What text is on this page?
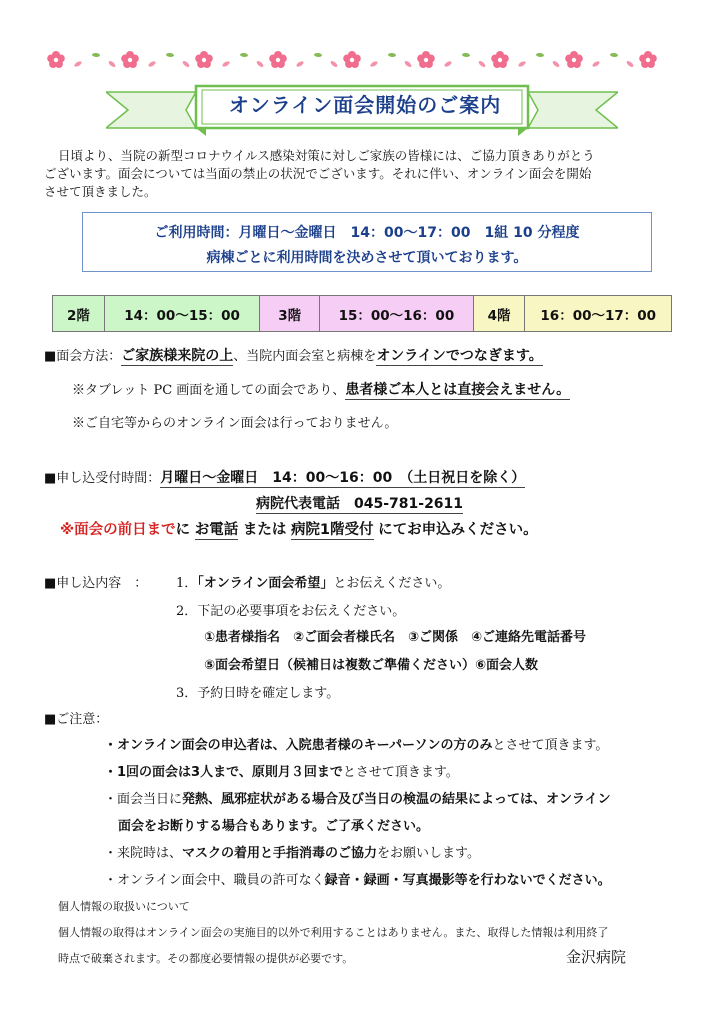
オンライン面会開始のご案内
日頃より、当院の新型コロナウイルス感染対策に対しご家族の皆様には、ご協力頂きありがとう
ございます。面会については当面の禁止の状況でございます。それに伴い、オンライン面会を開始
させて頂きました。
ご利用時間：月曜日～金曜日　14：00～17：00　1組 10 分程度
病棟ごとに利用時間を決めさせて頂いております。
2階	14：00～15：00	3階	15：00～16：00	4階	16：00～17：00
■面会方法：ご家族様来院の上、当院内面会室と病棟をオンラインでつなぎます。
※タブレット PC 画面を通しての面会であり、患者様ご本人とは直接会えません。
※ご自宅等からのオンライン面会は行っておりません。
■申し込受付時間：月曜日～金曜日　14：00～16：00　（土日祝日を除く）
病院代表電話　045-781-2611
※面会の前日までに お電話 または 病院1階受付 にてお申込みください。
■申し込内容　： 1．「オンライン面会希望」とお伝えください。
2．下記の必要事項をお伝えください。
①患者様指名　②ご面会者様氏名　③ご関係　④ご連絡先電話番号
⑤面会希望日（候補日は複数ご準備ください）⑥面会人数
3．予約日時を確定します。
■ご注意：
・オンライン面会の申込者は、入院患者様のキーパーソンの方のみとさせて頂きます。
・1回の面会は3人まで、原則月３回までとさせて頂きます。
・面会当日に発熱、風邪症状がある場合及び当日の検温の結果によっては、オンライン
面会をお断りする場合もあります。ご了承ください。
・来院時は、マスクの着用と手指消毒のご協力をお願いします。
・オンライン面会中、職員の許可なく録音・録画・写真撮影等を行わないでください。
個人情報の取扱いについて
個人情報の取得はオンライン面会の実施目的以外で利用することはありません。また、取得した情報は利用終了
時点で破棄されます。その都度必要情報の提供が必要です。	金沢病院
